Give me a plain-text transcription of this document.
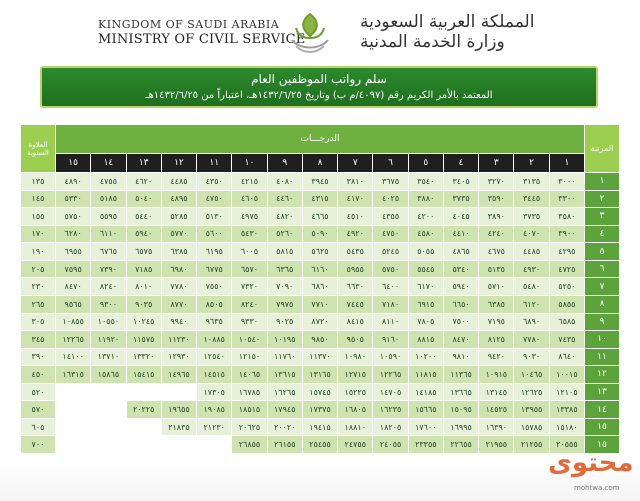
KINGDOM OF SAUDI ARABIA
MINISTRY OF CIVIL SERVICE
المملكة العربية السعودية
وزارة الخدمة المدنية
سلم رواتب الموظفين العام
المعتمد بالأمر الكريم رقم (٤٠٩٧/م ب) وتاريخ ١٤٣٢/٦/٢٥هـ، اعتباراً من ١٤٣٢/٦/٢٥هـ
المرتبة	الدرجـــات															العلاوة السنوية
	١	٢	٣	٤	٥	٦	٧	٨	٩	١٠	١١	١٢	١٣	١٤	١٥	
١	٣٠٠٠	٣١٣٥	٣٢٧٠	٣٤٠٥	٣٥٤٠	٣٦٧٥	٣٨١٠	٣٩٤٥	٤٠٨٠	٤٢١٥	٤٣٥٠	٤٤٨٥	٤٦٢٠	٤٧٥٥	٤٨٩٠	١٣٥
٢	٣٣٠٠	٣٤٤٥	٣٥٩٠	٣٧٣٥	٣٨٨٠	٤٠٢٥	٤١٧٠	٤٣١٥	٤٤٦٠	٤٦٠٥	٤٧٥٠	٤٨٩٥	٥٠٤٠	٥١٨٥	٥٣٣٠	١٤٥
٣	٣٥٨٠	٣٧٣٥	٣٨٩٠	٤٠٤٥	٤٢٠٠	٤٣٥٥	٤٥١٠	٤٦٦٥	٤٨٢٠	٤٩٧٥	٥١٣٠	٥٢٨٥	٥٤٤٠	٥٥٩٥	٥٧٥٠	١٥٥
٤	٣٩٠٠	٤٠٧٠	٤٢٤٠	٤٤١٠	٤٥٨٠	٤٧٥٠	٤٩٢٠	٥٠٩٠	٥٢٦٠	٥٤٣٠	٥٦٠٠	٥٧٧٠	٥٩٤٠	٦١١٠	٦٢٨٠	١٧٠
٥	٤٢٩٥	٤٤٨٥	٤٦٧٥	٤٨٦٥	٥٠٥٥	٥٢٤٥	٥٤٣٥	٥٦٢٥	٥٨١٥	٦٠٠٥	٦١٩٥	٦٣٨٥	٦٥٧٥	٦٧٦٥	٦٩٥٥	١٩٠
٦	٤٧٢٥	٤٩٣٠	٥١٣٥	٥٣٤٠	٥٥٤٥	٥٧٥٠	٥٩٥٥	٦١٦٠	٦٣٦٥	٦٥٧٠	٦٧٧٥	٦٩٨٠	٧١٨٥	٧٣٩٠	٧٥٩٥	٢٠٥
٧	٥٢٥٠	٥٤٨٠	٥٧١٠	٥٩٤٠	٦١٧٠	٦٤٠٠	٦٦٣٠	٦٨٦٠	٧٠٩٠	٧٣٢٠	٧٥٥٠	٧٧٨٠	٨٠١٠	٨٢٤٠	٨٤٧٠	٢٣٠
٨	٥٨٥٥	٦١٢٠	٦٣٨٥	٦٦٥٠	٦٩١٥	٧١٨٠	٧٤٤٥	٧٧١٠	٧٩٧٥	٨٢٤٠	٨٥٠٥	٨٧٧٠	٩٠٣٥	٩٣٠٠	٩٥٦٥	٢٦٥
٩	٦٥٨٥	٦٨٩٠	٧١٩٥	٧٥٠٠	٧٨٠٥	٨١١٠	٨٤١٥	٨٧٢٠	٩٠٢٥	٩٣٣٠	٩٦٣٥	٩٩٤٠	١٠٢٤٥	١٠٥٥٠	١٠٨٥٥	٣٠٥
١٠	٧٤٣٥	٧٧٨٠	٨١٢٥	٨٤٧٠	٨٨١٥	٩١٦٠	٩٥٠٥	٩٨٥٠	١٠١٩٥	١٠٥٤٠	١٠٨٨٥	١١٢٣٠	١١٥٧٥	١١٩٢٠	١٢٢٦٥	٣٤٥
١١	٨٦٤٠	٩٠٣٠	٩٤٢٠	٩٨١٠	١٠٢٠٠	١٠٥٩٠	١٠٩٨٠	١١٣٧٠	١١٧٦٠	١٢١٥٠	١٢٥٤٠	١٢٩٣٠	١٣٣٢٠	١٣٧١٠	١٤١٠٠	٣٩٠
١٢	١٠٠١٥	١٠٤٦٥	١٠٩١٥	١١٣٦٥	١١٨١٥	١٢٢٦٥	١٢٧١٥	١٣١٦٥	١٣٦١٥	١٤٠٦٥	١٤٥١٥	١٤٩٦٥	١٥٤١٥	١٥٨٦٥	١٦٣١٥	٤٥٠
١٣	١٢١٠٥	١٢٦٢٥	١٣١٤٥	١٣٦٦٥	١٤١٨٥	١٤٧٠٥	١٥٢٢٥	١٥٧٤٥	١٦٢٦٥	١٦٧٨٥	١٧٣٠٥					٥٢٠
١٤	١٣٣٨٥	١٣٩٥٥	١٤٥٢٥	١٥٠٩٥	١٥٦٦٥	١٦٢٣٥	١٦٨٠٥	١٧٣٧٥	١٧٩٤٥	١٨٥١٥	١٩٠٨٥	١٩٦٥٥	٢٠٢٢٥			٥٧٠
١٥	١٥١٨٠	١٥٧٨٥	١٦٣٩٠	١٦٩٩٥	١٧٦٠٠	١٨٢٠٥	١٨٨١٠	١٩٤١٥	٢٠٠٢٠	٢٠٦٢٥	٢١٢٣٠	٢١٨٣٥				٦٠٥
١٥	٢٠٥٥٥	٢١٢٥٥	٢١٩٥٥	٢٢٦٥٥	٢٣٣٥٥	٢٤٠٥٥	٢٤٧٥٥	٢٥٤٥٥	٢٦١٥٥	٢٦٨٥٥						٧٠٠
محتوى
mohtwa.com
